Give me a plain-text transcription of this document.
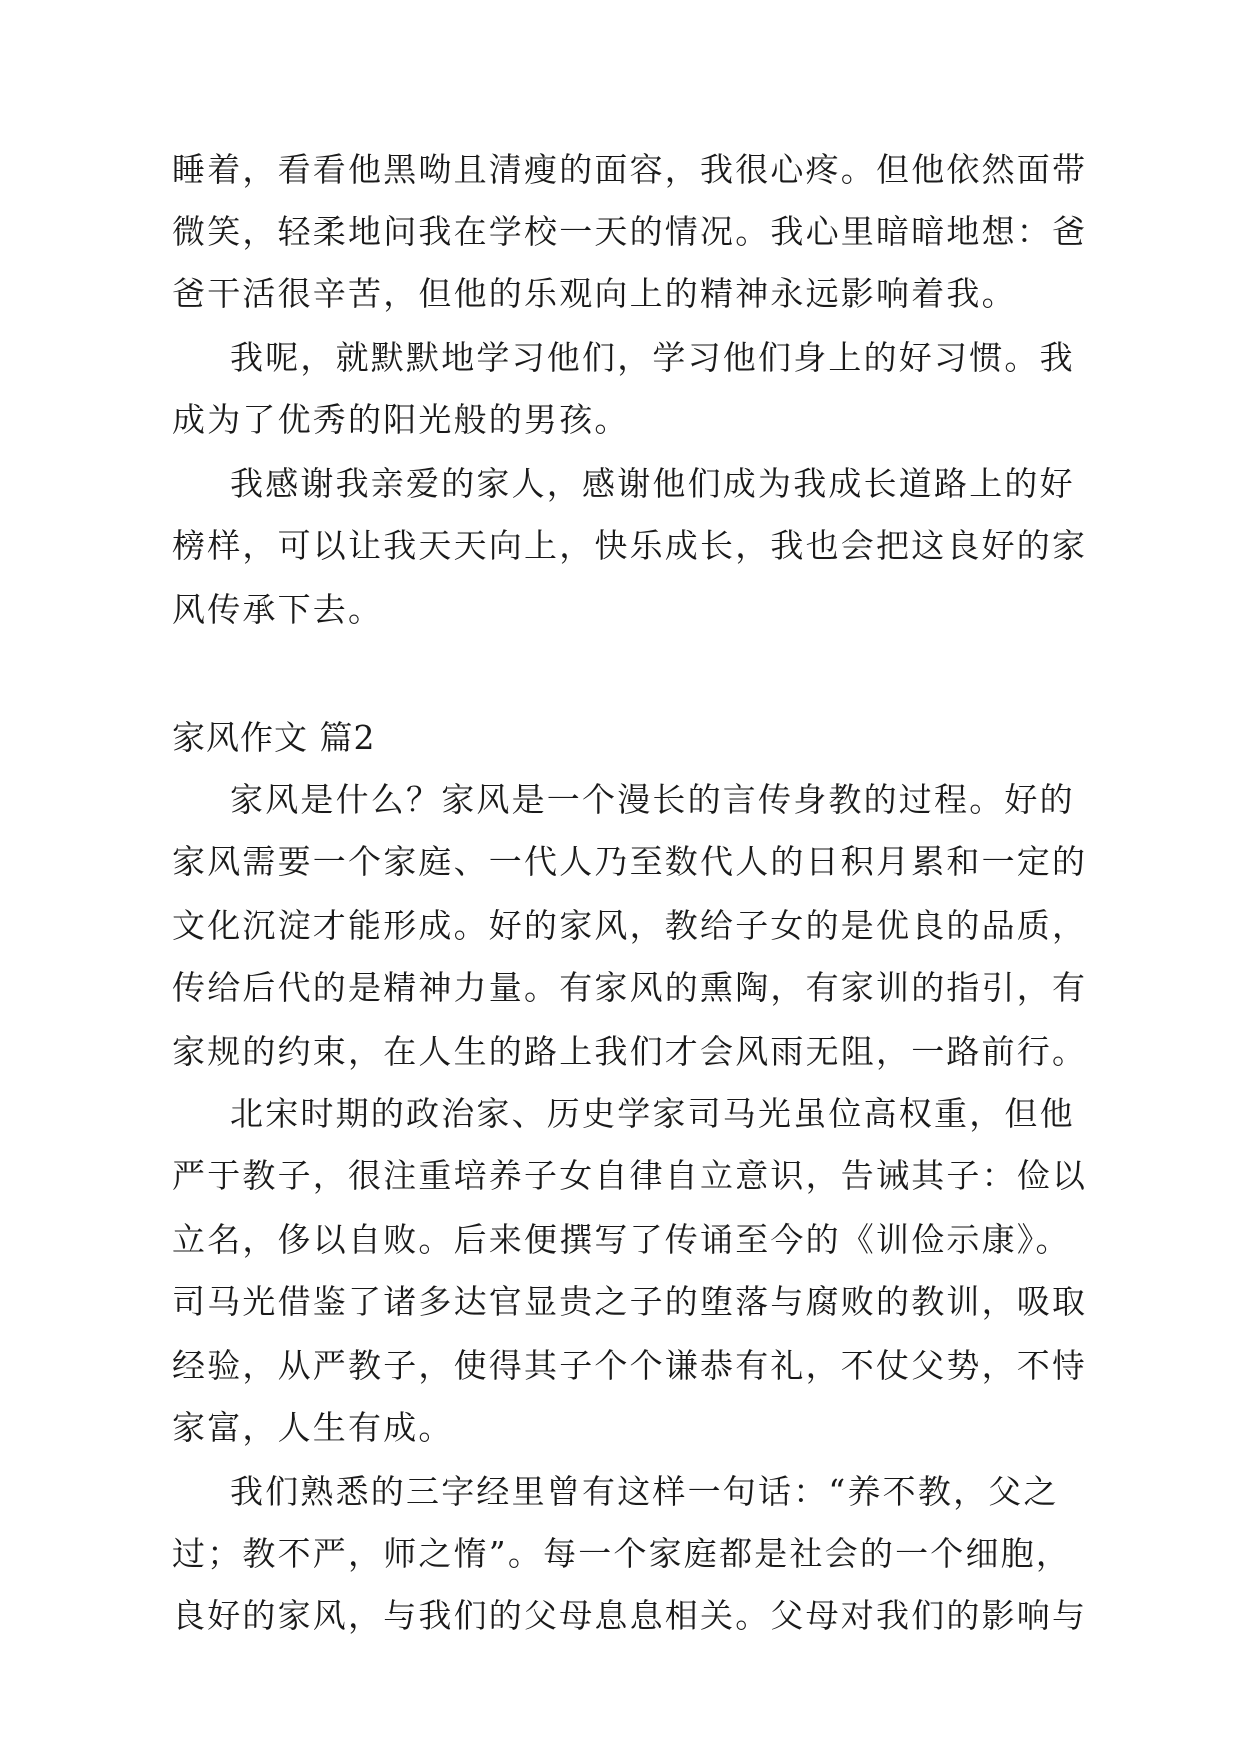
睡着，看看他黑呦且清瘦的面容，我很心疼。但他依然面带
微笑，轻柔地问我在学校一天的情况。我心里暗暗地想：爸
爸干活很辛苦，但他的乐观向上的精神永远影响着我。
我呢，就默默地学习他们，学习他们身上的好习惯。我
成为了优秀的阳光般的男孩。
我感谢我亲爱的家人，感谢他们成为我成长道路上的好
榜样，可以让我天天向上，快乐成长，我也会把这良好的家
风传承下去。
家风作文 篇2
家风是什么？家风是一个漫长的言传身教的过程。好的
家风需要一个家庭、一代人乃至数代人的日积月累和一定的
文化沉淀才能形成。好的家风，教给子女的是优良的品质，
传给后代的是精神力量。有家风的熏陶，有家训的指引，有
家规的约束，在人生的路上我们才会风雨无阻，一路前行。
北宋时期的政治家、历史学家司马光虽位高权重，但他
严于教子，很注重培养子女自律自立意识，告诫其子：俭以
立名，侈以自败。后来便撰写了传诵至今的《训俭示康》。
司马光借鉴了诸多达官显贵之子的堕落与腐败的教训，吸取
经验，从严教子，使得其子个个谦恭有礼，不仗父势，不恃
家富，人生有成。
我们熟悉的三字经里曾有这样一句话：“养不教，父之
过；教不严，师之惰”。每一个家庭都是社会的一个细胞，
良好的家风，与我们的父母息息相关。父母对我们的影响与
